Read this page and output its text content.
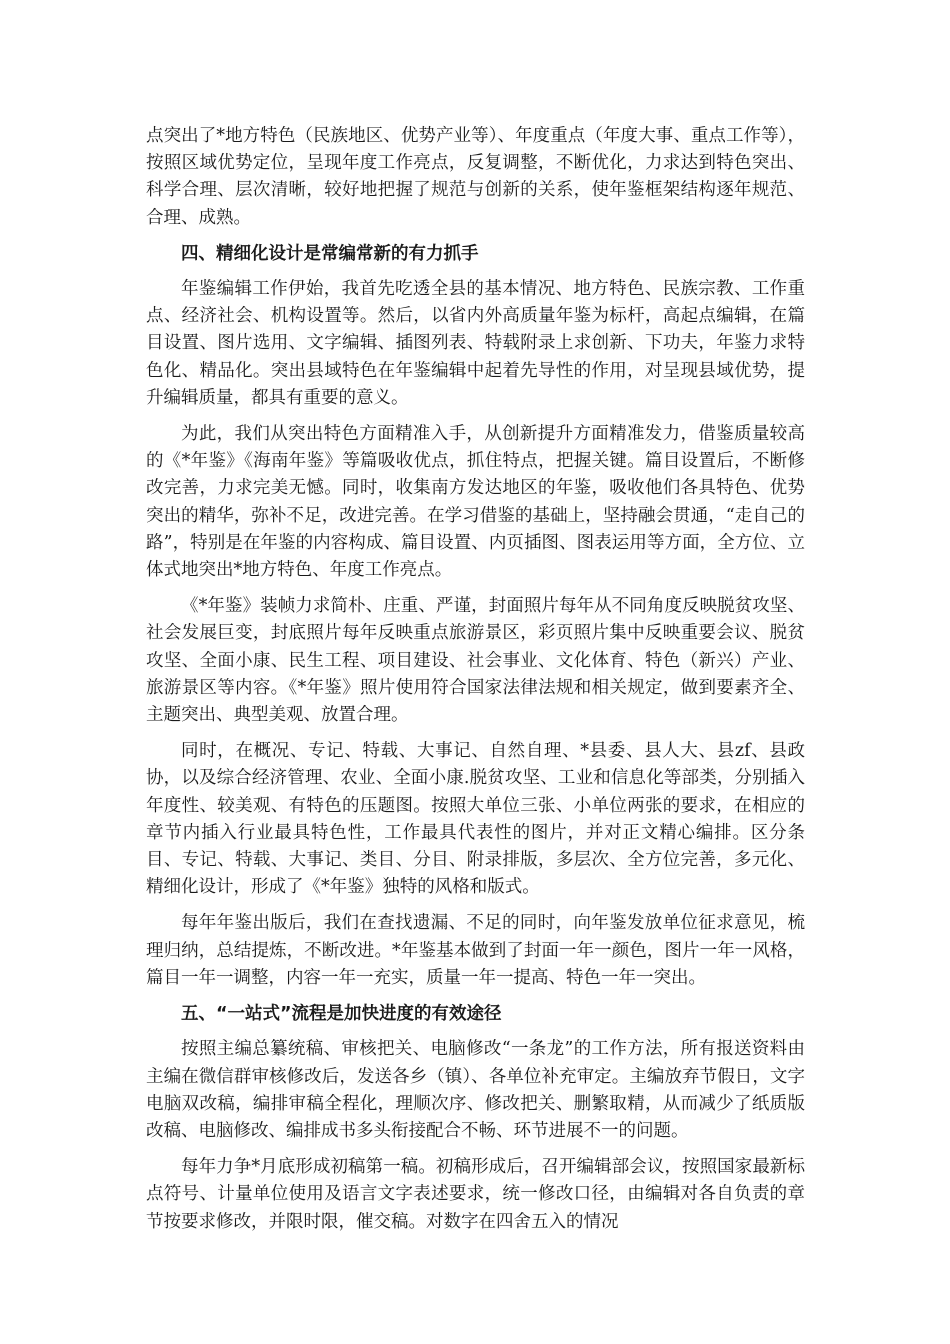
点突出了*地方特色（民族地区、优势产业等）、年度重点（年度大事、重点工作等），按照区域优势定位，呈现年度工作亮点，反复调整，不断优化，力求达到特色突出、科学合理、层次清晰，较好地把握了规范与创新的关系，使年鉴框架结构逐年规范、合理、成熟。

四、精细化设计是常编常新的有力抓手

年鉴编辑工作伊始，我首先吃透全县的基本情况、地方特色、民族宗教、工作重点、经济社会、机构设置等。然后，以省内外高质量年鉴为标杆，高起点编辑，在篇目设置、图片选用、文字编辑、插图列表、特载附录上求创新、下功夫，年鉴力求特色化、精品化。突出县域特色在年鉴编辑中起着先导性的作用，对呈现县域优势，提升编辑质量，都具有重要的意义。

为此，我们从突出特色方面精准入手，从创新提升方面精准发力，借鉴质量较高的《*年鉴》《海南年鉴》等篇吸收优点，抓住特点，把握关键。篇目设置后，不断修改完善，力求完美无憾。同时，收集南方发达地区的年鉴，吸收他们各具特色、优势突出的精华，弥补不足，改进完善。在学习借鉴的基础上，坚持融会贯通，“走自己的路”，特别是在年鉴的内容构成、篇目设置、内页插图、图表运用等方面，全方位、立体式地突出*地方特色、年度工作亮点。

《*年鉴》装帧力求简朴、庄重、严谨，封面照片每年从不同角度反映脱贫攻坚、社会发展巨变，封底照片每年反映重点旅游景区，彩页照片集中反映重要会议、脱贫攻坚、全面小康、民生工程、项目建设、社会事业、文化体育、特色（新兴）产业、旅游景区等内容。《*年鉴》照片使用符合国家法律法规和相关规定，做到要素齐全、主题突出、典型美观、放置合理。

同时，在概况、专记、特载、大事记、自然自理、*县委、县人大、县zf、县政协，以及综合经济管理、农业、全面小康.脱贫攻坚、工业和信息化等部类，分别插入年度性、较美观、有特色的压题图。按照大单位三张、小单位两张的要求，在相应的章节内插入行业最具特色性，工作最具代表性的图片，并对正文精心编排。区分条目、专记、特载、大事记、类目、分目、附录排版，多层次、全方位完善，多元化、精细化设计，形成了《*年鉴》独特的风格和版式。

每年年鉴出版后，我们在查找遗漏、不足的同时，向年鉴发放单位征求意见，梳理归纳，总结提炼，不断改进。*年鉴基本做到了封面一年一颜色，图片一年一风格，篇目一年一调整，内容一年一充实，质量一年一提高、特色一年一突出。

五、“一站式”流程是加快进度的有效途径

按照主编总纂统稿、审核把关、电脑修改“一条龙”的工作方法，所有报送资料由主编在微信群审核修改后，发送各乡（镇）、各单位补充审定。主编放弃节假日，文字电脑双改稿，编排审稿全程化，理顺次序、修改把关、删繁取精，从而减少了纸质版改稿、电脑修改、编排成书多头衔接配合不畅、环节进展不一的问题。

每年力争*月底形成初稿第一稿。初稿形成后，召开编辑部会议，按照国家最新标点符号、计量单位使用及语言文字表述要求，统一修改口径，由编辑对各自负责的章节按要求修改，并限时限，催交稿。对数字在四舍五入的情况
